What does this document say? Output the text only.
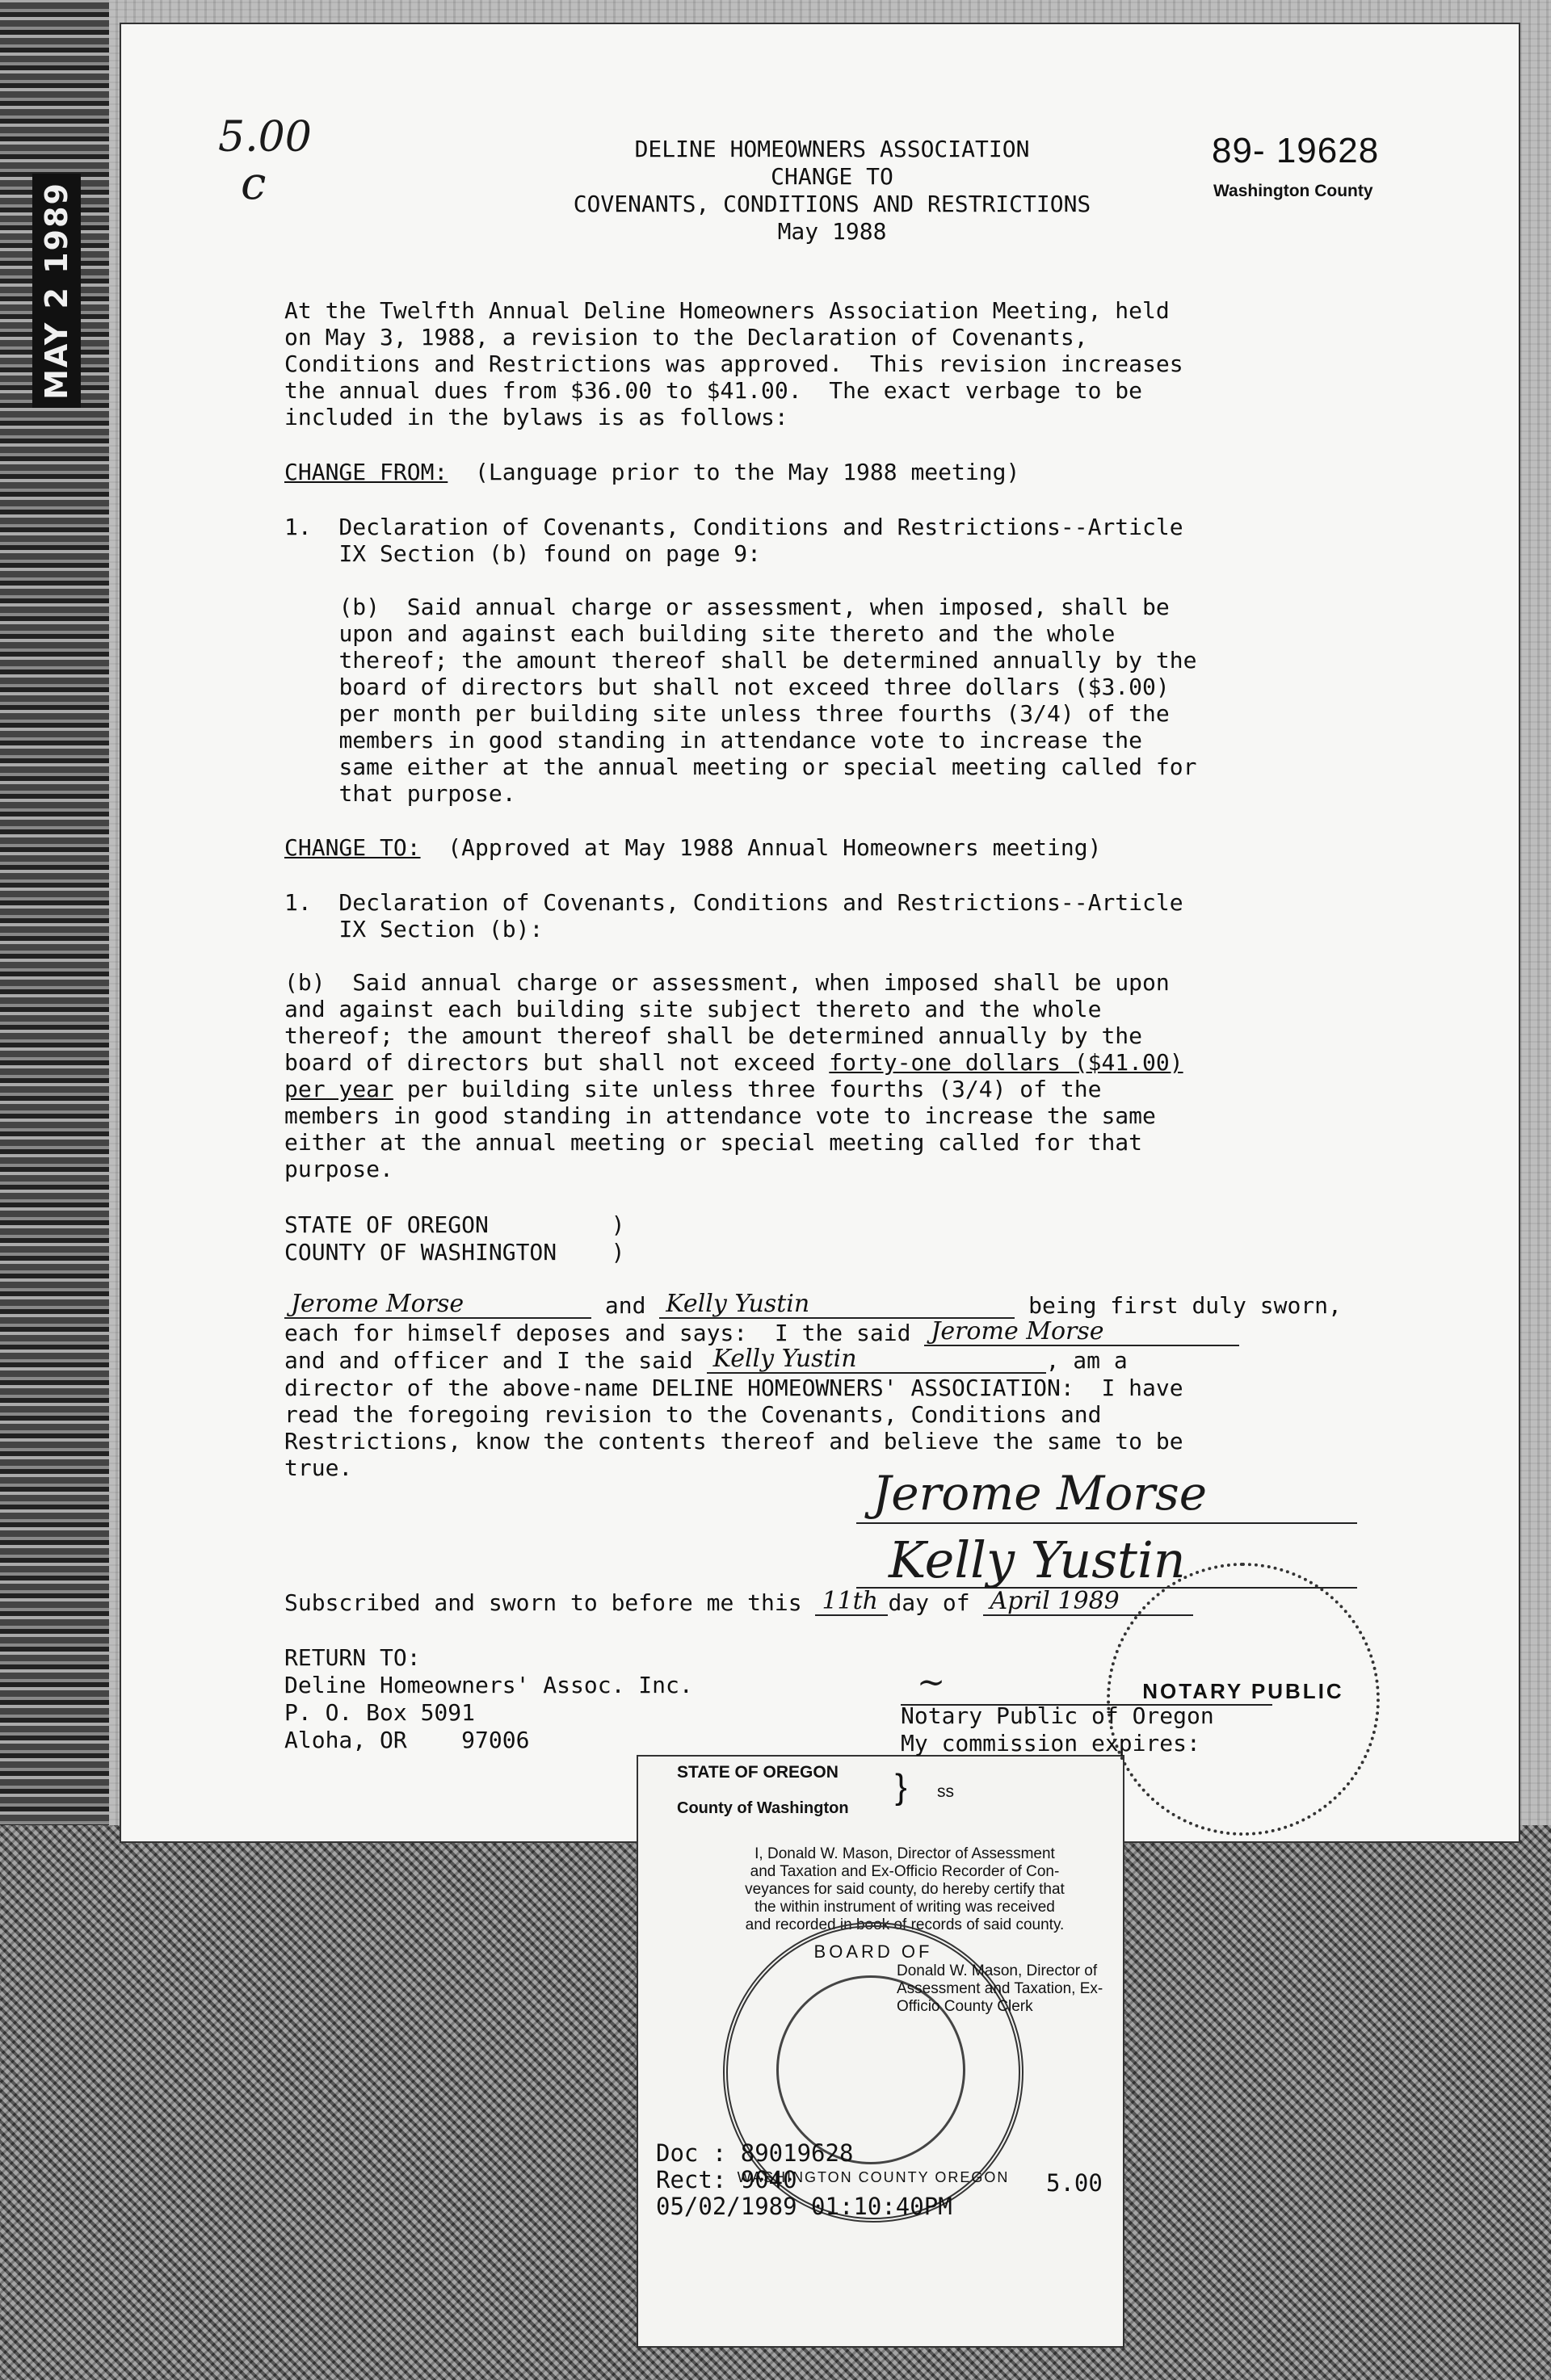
MAY 2 1989
5.00
c
DELINE HOMEOWNERS ASSOCIATION
CHANGE TO
COVENANTS, CONDITIONS AND RESTRICTIONS
May 1988
89- 19628
Washington County
At the Twelfth Annual Deline Homeowners Association Meeting, held
on May 3, 1988, a revision to the Declaration of Covenants,
Conditions and Restrictions was approved.  This revision increases
the annual dues from $36.00 to $41.00.  The exact verbage to be
included in the bylaws is as follows:
CHANGE FROM: (Language prior to the May 1988 meeting)
1.  Declaration of Covenants, Conditions and Restrictions--Article
IX Section (b) found on page 9:
(b)  Said annual charge or assessment, when imposed, shall be
upon and against each building site thereto and the whole
thereof; the amount thereof shall be determined annually by the
board of directors but shall not exceed three dollars ($3.00)
per month per building site unless three fourths (3/4) of the
members in good standing in attendance vote to increase the
same either at the annual meeting or special meeting called for
that purpose.
CHANGE TO: (Approved at May 1988 Annual Homeowners meeting)
1.  Declaration of Covenants, Conditions and Restrictions--Article
IX Section (b):
(b)  Said annual charge or assessment, when imposed shall be upon
and against each building site subject thereto and the whole
thereof; the amount thereof shall be determined annually by the
board of directors but shall not exceed forty-one dollars ($41.00)
per year per building site unless three fourths (3/4) of the
members in good standing in attendance vote to increase the same
either at the annual meeting or special meeting called for that
purpose.
STATE OF OREGON	)
COUNTY OF WASHINGTON )
Jerome Morse	and Kelly Yustin	being first duly sworn,
each for himself deposes and says:  I the said Jerome Morse
and and officer and I the said Kelly Yustin	, am a
director of the above-name DELINE HOMEOWNERS' ASSOCIATION:  I have
read the foregoing revision to the Covenants, Conditions and
Restrictions, know the contents thereof and believe the same to be
true.	Jerome Morse
Kelly Yustin
Subscribed and sworn to before me this 11th day of April 1989
RETURN TO:
Deline Homeowners' Assoc. Inc.
P. O. Box 5091
Aloha, OR    97006
~
Notary Public of Oregon
My commission expires:
NOTARY PUBLIC
STATE OF OREGON
County of Washington
} ss
I, Donald W. Mason, Director of Assessment
and Taxation and Ex-Officio Recorder of Con-
veyances for said county, do hereby certify that
the within instrument of writing was received
and recorded in book of records of said county.
BOARD OF
WASHINGTON COUNTY OREGON
Donald W. Mason, Director of
Assessment and Taxation, Ex-
Officio County Clerk
Doc : 89019628
Rect: 9040
05/02/1989 01:10:40PM
5.00
